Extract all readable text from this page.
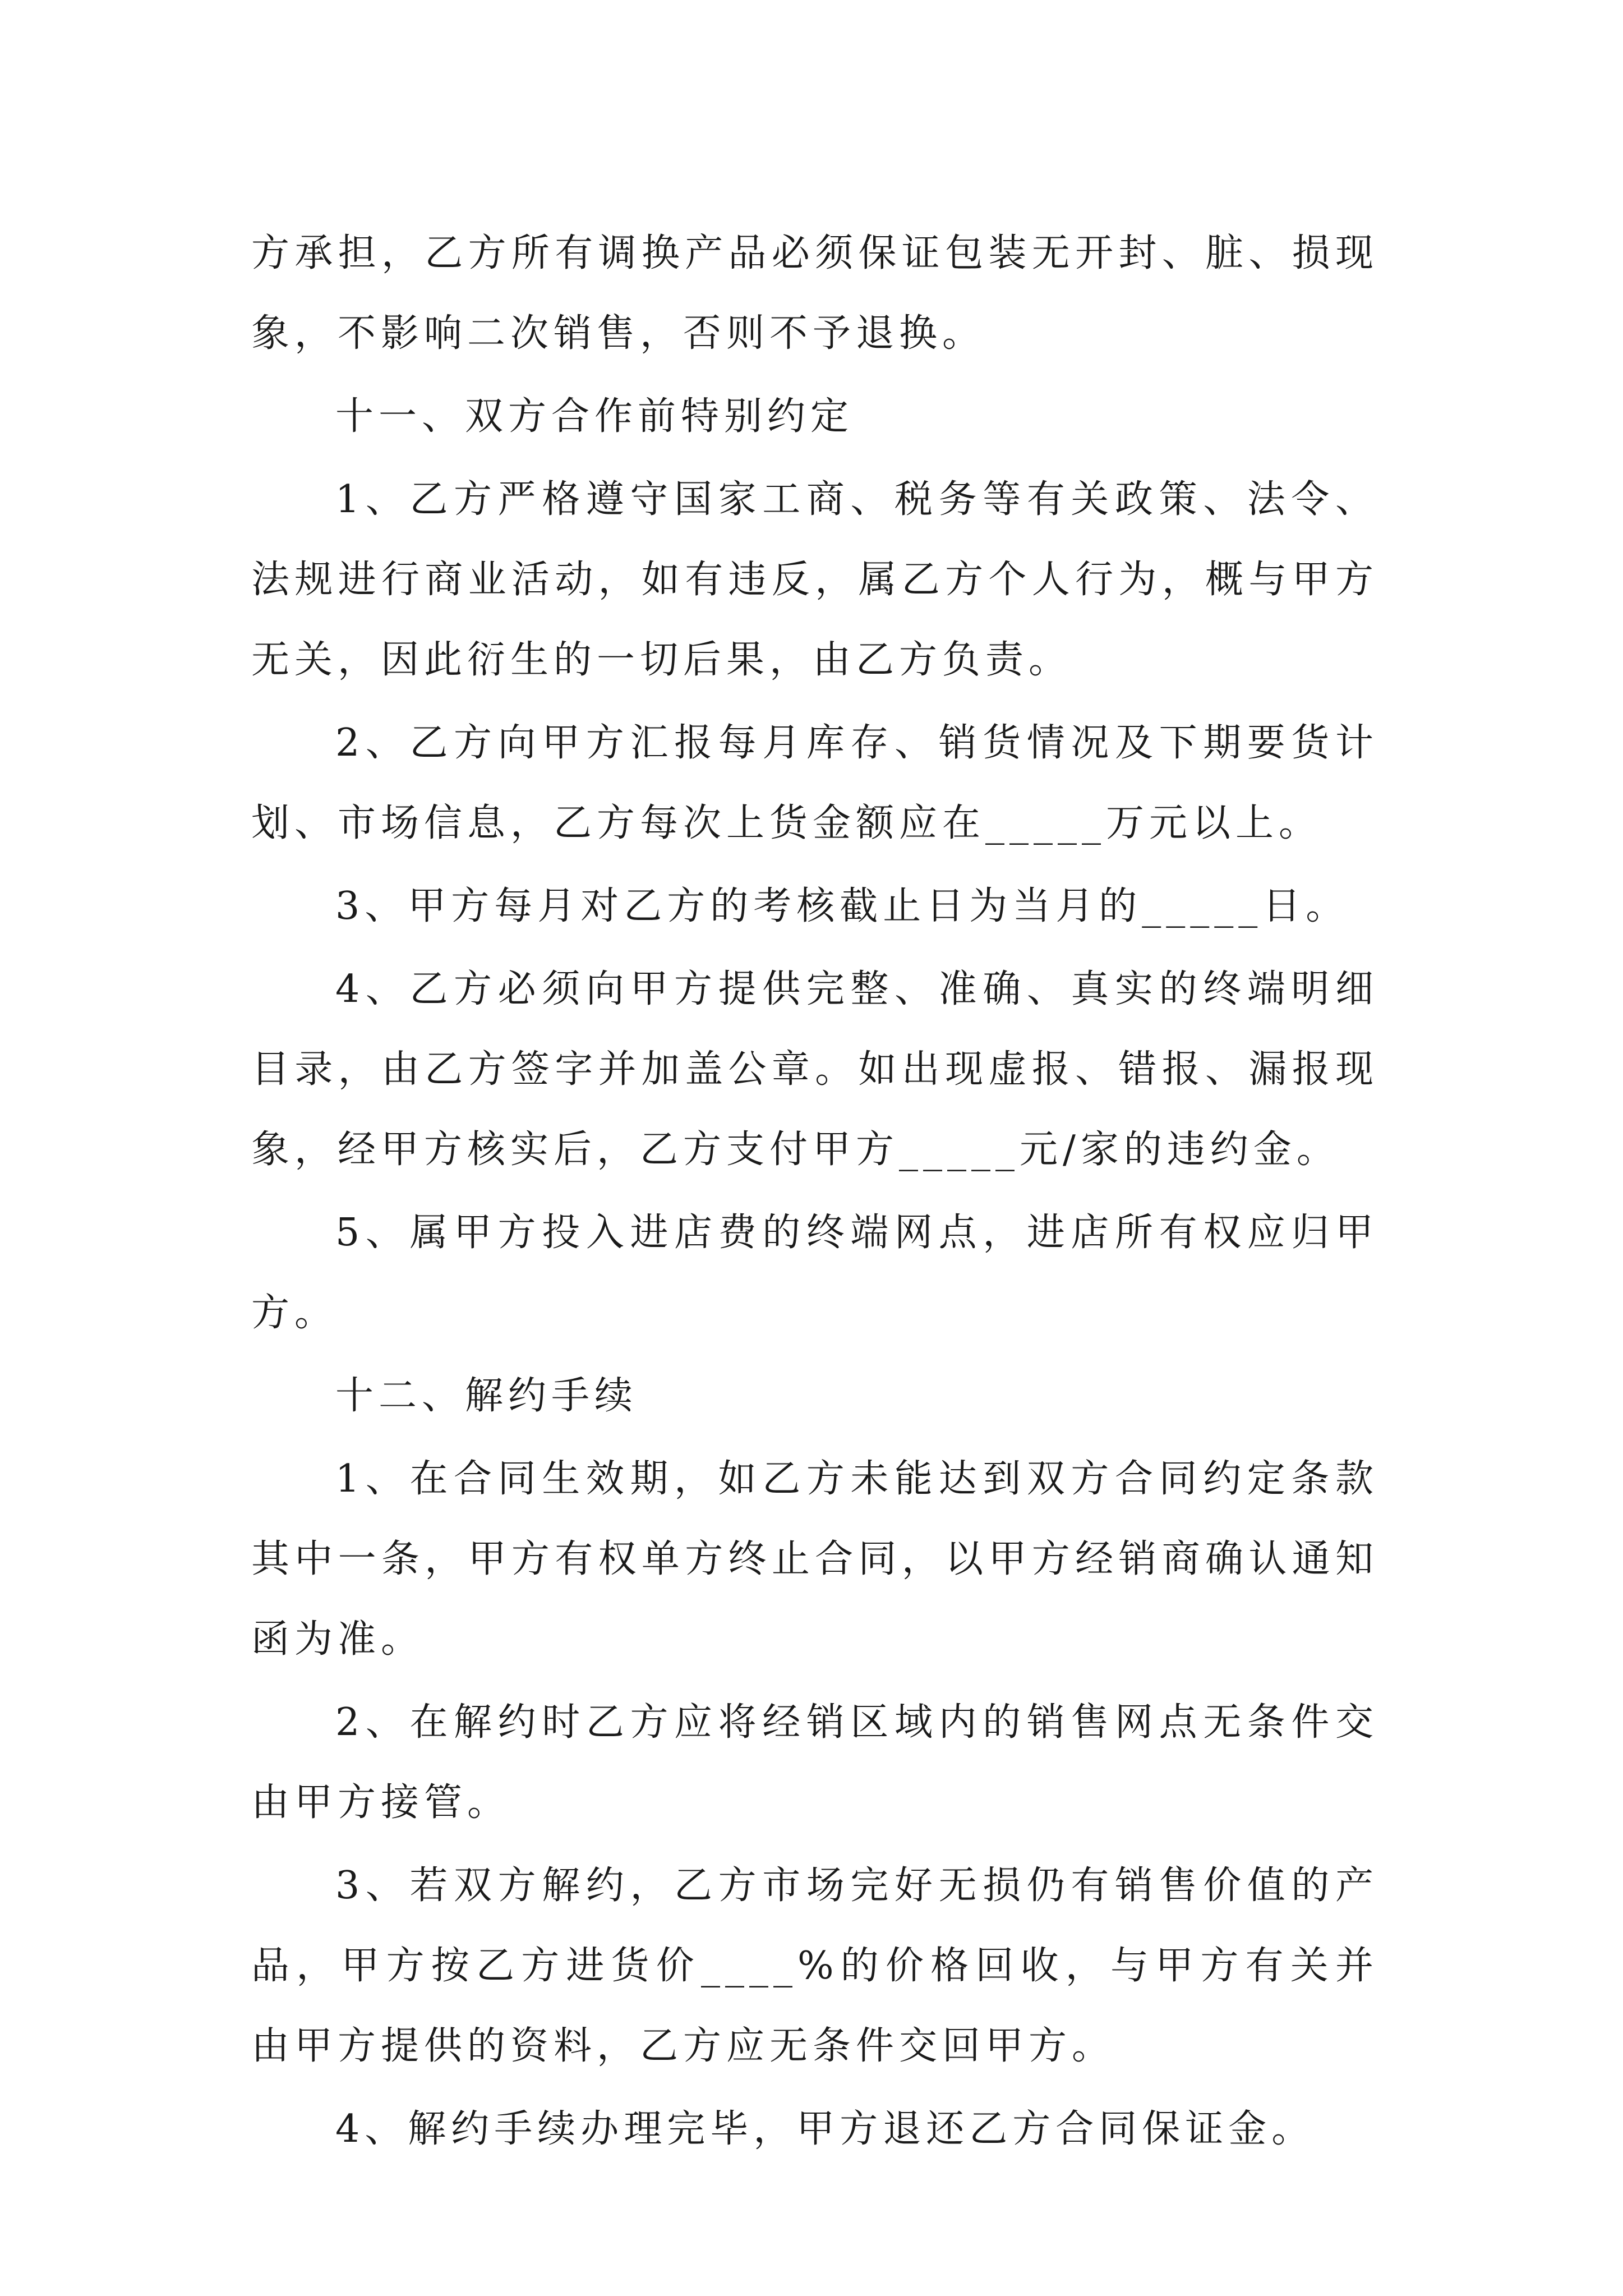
方承担，乙方所有调换产品必须保证包装无开封、脏、损现象，不影响二次销售，否则不予退换。

十一、双方合作前特别约定

1、乙方严格遵守国家工商、税务等有关政策、法令、法规进行商业活动，如有违反，属乙方个人行为，概与甲方无关，因此衍生的一切后果，由乙方负责。

2、乙方向甲方汇报每月库存、销货情况及下期要货计划、市场信息，乙方每次上货金额应在_____万元以上。

3、甲方每月对乙方的考核截止日为当月的_____日。

4、乙方必须向甲方提供完整、准确、真实的终端明细目录，由乙方签字并加盖公章。如出现虚报、错报、漏报现象，经甲方核实后，乙方支付甲方_____元/家的违约金。

5、属甲方投入进店费的终端网点，进店所有权应归甲方。

十二、解约手续

1、在合同生效期，如乙方未能达到双方合同约定条款其中一条，甲方有权单方终止合同，以甲方经销商确认通知函为准。

2、在解约时乙方应将经销区域内的销售网点无条件交由甲方接管。

3、若双方解约，乙方市场完好无损仍有销售价值的产品，甲方按乙方进货价____%的价格回收，与甲方有关并由甲方提供的资料，乙方应无条件交回甲方。

4、解约手续办理完毕，甲方退还乙方合同保证金。
